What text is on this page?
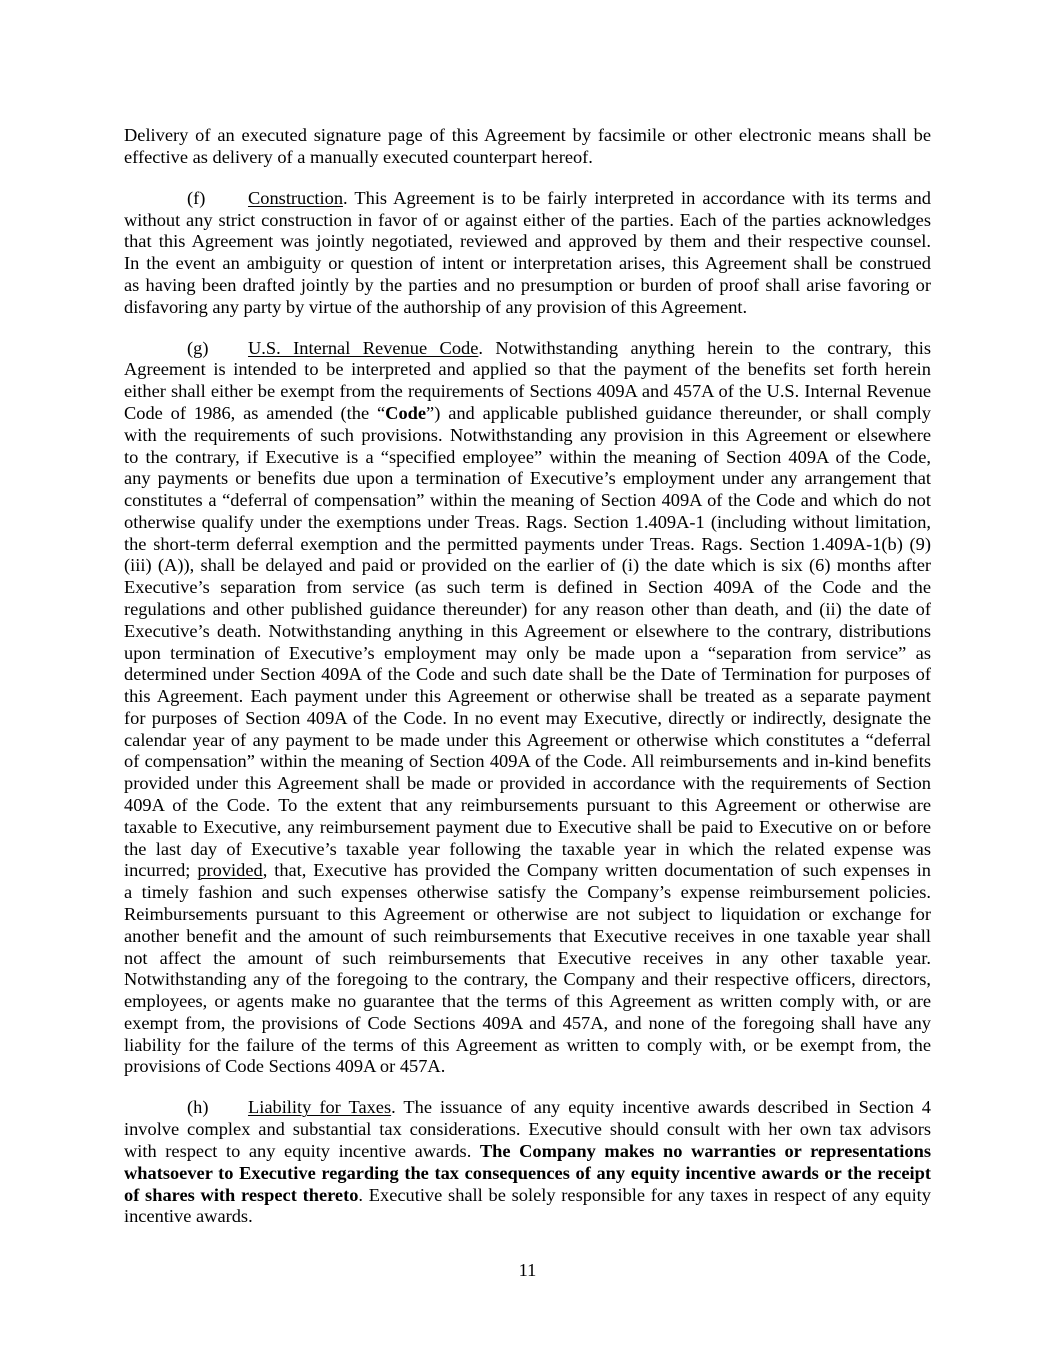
Delivery of an executed signature page of this Agreement by facsimile or other electronic means shall be
effective as delivery of a manually executed counterpart hereof.
(f) Construction. This Agreement is to be fairly interpreted in accordance with its terms and
without any strict construction in favor of or against either of the parties. Each of the parties acknowledges
that this Agreement was jointly negotiated, reviewed and approved by them and their respective counsel.
In the event an ambiguity or question of intent or interpretation arises, this Agreement shall be construed
as having been drafted jointly by the parties and no presumption or burden of proof shall arise favoring or
disfavoring any party by virtue of the authorship of any provision of this Agreement.
(g) U.S. Internal Revenue Code. Notwithstanding anything herein to the contrary, this
Agreement is intended to be interpreted and applied so that the payment of the benefits set forth herein
either shall either be exempt from the requirements of Sections 409A and 457A of the U.S. Internal Revenue
Code of 1986, as amended (the “Code”) and applicable published guidance thereunder, or shall comply
with the requirements of such provisions. Notwithstanding any provision in this Agreement or elsewhere
to the contrary, if Executive is a “specified employee” within the meaning of Section 409A of the Code,
any payments or benefits due upon a termination of Executive’s employment under any arrangement that
constitutes a “deferral of compensation” within the meaning of Section 409A of the Code and which do not
otherwise qualify under the exemptions under Treas. Rags. Section 1.409A-1 (including without limitation,
the short-term deferral exemption and the permitted payments under Treas. Rags. Section 1.409A-1(b) (9)
(iii) (A)), shall be delayed and paid or provided on the earlier of (i) the date which is six (6) months after
Executive’s separation from service (as such term is defined in Section 409A of the Code and the
regulations and other published guidance thereunder) for any reason other than death, and (ii) the date of
Executive’s death. Notwithstanding anything in this Agreement or elsewhere to the contrary, distributions
upon termination of Executive’s employment may only be made upon a “separation from service” as
determined under Section 409A of the Code and such date shall be the Date of Termination for purposes of
this Agreement. Each payment under this Agreement or otherwise shall be treated as a separate payment
for purposes of Section 409A of the Code. In no event may Executive, directly or indirectly, designate the
calendar year of any payment to be made under this Agreement or otherwise which constitutes a “deferral
of compensation” within the meaning of Section 409A of the Code. All reimbursements and in-kind benefits
provided under this Agreement shall be made or provided in accordance with the requirements of Section
409A of the Code. To the extent that any reimbursements pursuant to this Agreement or otherwise are
taxable to Executive, any reimbursement payment due to Executive shall be paid to Executive on or before
the last day of Executive’s taxable year following the taxable year in which the related expense was
incurred; provided, that, Executive has provided the Company written documentation of such expenses in
a timely fashion and such expenses otherwise satisfy the Company’s expense reimbursement policies.
Reimbursements pursuant to this Agreement or otherwise are not subject to liquidation or exchange for
another benefit and the amount of such reimbursements that Executive receives in one taxable year shall
not affect the amount of such reimbursements that Executive receives in any other taxable year.
Notwithstanding any of the foregoing to the contrary, the Company and their respective officers, directors,
employees, or agents make no guarantee that the terms of this Agreement as written comply with, or are
exempt from, the provisions of Code Sections 409A and 457A, and none of the foregoing shall have any
liability for the failure of the terms of this Agreement as written to comply with, or be exempt from, the
provisions of Code Sections 409A or 457A.
(h) Liability for Taxes. The issuance of any equity incentive awards described in Section 4
involve complex and substantial tax considerations. Executive should consult with her own tax advisors
with respect to any equity incentive awards. The Company makes no warranties or representations
whatsoever to Executive regarding the tax consequences of any equity incentive awards or the receipt
of shares with respect thereto. Executive shall be solely responsible for any taxes in respect of any equity
incentive awards.
11
